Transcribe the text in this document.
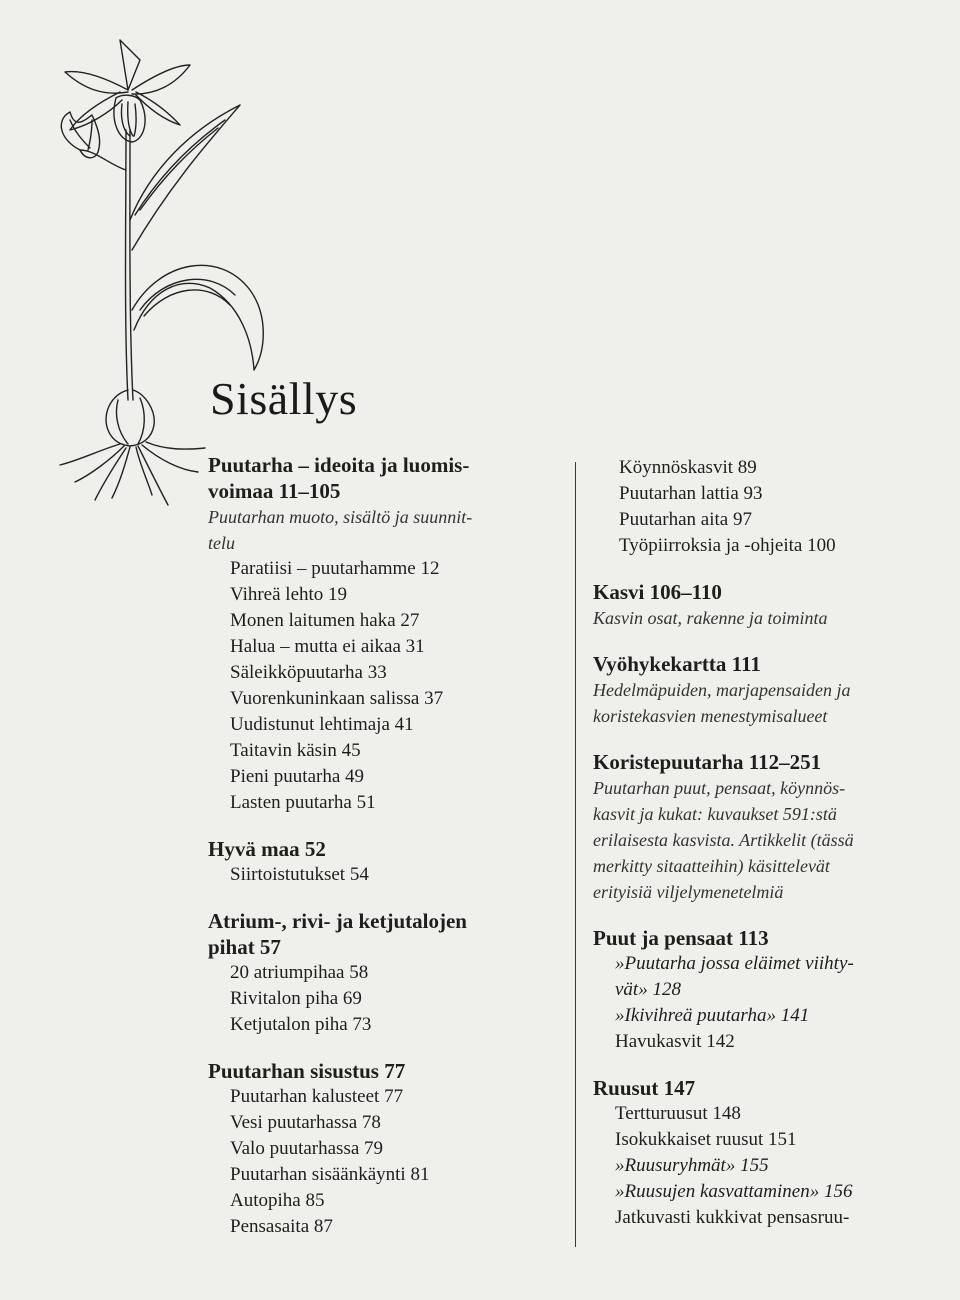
Sisällys
Puutarha – ideoita ja luomis-
voimaa 11–105
Puutarhan muoto, sisältö ja suunnit-
telu
Paratiisi – puutarhamme 12
Vihreä lehto 19
Monen laitumen haka 27
Halua – mutta ei aikaa 31
Säleikköpuutarha 33
Vuorenkuninkaan salissa 37
Uudistunut lehtimaja 41
Taitavin käsin 45
Pieni puutarha 49
Lasten puutarha 51
Hyvä maa 52
Siirtoistutukset 54
Atrium-, rivi- ja ketjutalojen
pihat 57
20 atriumpihaa 58
Rivitalon piha 69
Ketjutalon piha 73
Puutarhan sisustus 77
Puutarhan kalusteet 77
Vesi puutarhassa 78
Valo puutarhassa 79
Puutarhan sisäänkäynti 81
Autopiha 85
Pensasaita 87
Köynnöskasvit 89
Puutarhan lattia 93
Puutarhan aita 97
Työpiirroksia ja -ohjeita 100
Kasvi 106–110
Kasvin osat, rakenne ja toiminta
Vyöhykekartta 111
Hedelmäpuiden, marjapensaiden ja
koristekasvien menestymisalueet
Koristepuutarha 112–251
Puutarhan puut, pensaat, köynnös-
kasvit ja kukat: kuvaukset 591:stä
erilaisesta kasvista. Artikkelit (tässä
merkitty sitaatteihin) käsittelevät
erityisiä viljelymenetelmiä
Puut ja pensaat 113
»Puutarha jossa eläimet viihty-
vät» 128
»Ikivihreä puutarha» 141
Havukasvit 142
Ruusut 147
Tertturuusut 148
Isokukkaiset ruusut 151
»Ruusuryhmät» 155
»Ruusujen kasvattaminen» 156
Jatkuvasti kukkivat pensasruu-
